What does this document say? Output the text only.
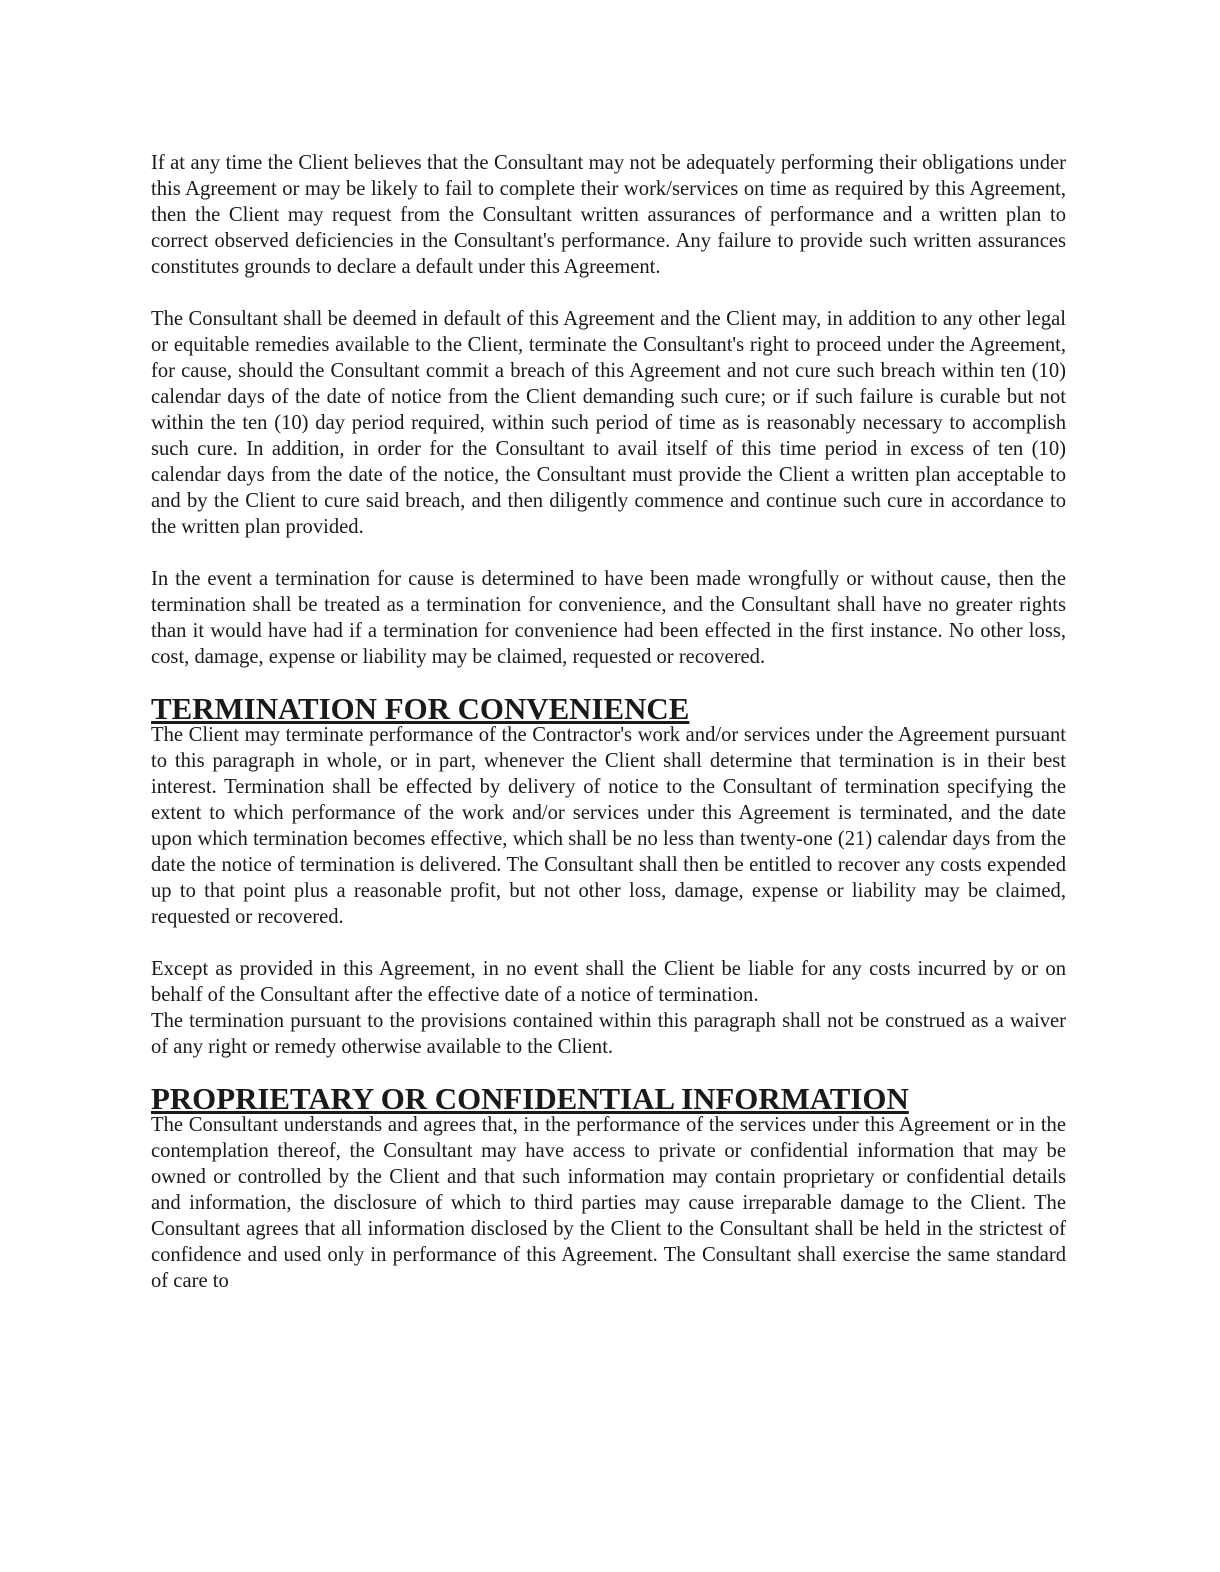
If at any time the Client believes that the Consultant may not be adequately performing their obligations under this Agreement or may be likely to fail to complete their work/services on time as required by this Agreement, then the Client may request from the Consultant written assurances of performance and a written plan to correct observed deficiencies in the Consultant's performance. Any failure to provide such written assurances constitutes grounds to declare a default under this Agreement.

The Consultant shall be deemed in default of this Agreement and the Client may, in addition to any other legal or equitable remedies available to the Client, terminate the Consultant's right to proceed under the Agreement, for cause, should the Consultant commit a breach of this Agreement and not cure such breach within ten (10) calendar days of the date of notice from the Client demanding such cure; or if such failure is curable but not within the ten (10) day period required, within such period of time as is reasonably necessary to accomplish such cure. In addition, in order for the Consultant to avail itself of this time period in excess of ten (10) calendar days from the date of the notice, the Consultant must provide the Client a written plan acceptable to and by the Client to cure said breach, and then diligently commence and continue such cure in accordance to the written plan provided.

In the event a termination for cause is determined to have been made wrongfully or without cause, then the termination shall be treated as a termination for convenience, and the Consultant shall have no greater rights than it would have had if a termination for convenience had been effected in the first instance. No other loss, cost, damage, expense or liability may be claimed, requested or recovered.

TERMINATION FOR CONVENIENCE

The Client may terminate performance of the Contractor's work and/or services under the Agreement pursuant to this paragraph in whole, or in part, whenever the Client shall determine that termination is in their best interest. Termination shall be effected by delivery of notice to the Consultant of termination specifying the extent to which performance of the work and/or services under this Agreement is terminated, and the date upon which termination becomes effective, which shall be no less than twenty-one (21) calendar days from the date the notice of termination is delivered. The Consultant shall then be entitled to recover any costs expended up to that point plus a reasonable profit, but not other loss, damage, expense or liability may be claimed, requested or recovered.

Except as provided in this Agreement, in no event shall the Client be liable for any costs incurred by or on behalf of the Consultant after the effective date of a notice of termination.

The termination pursuant to the provisions contained within this paragraph shall not be construed as a waiver of any right or remedy otherwise available to the Client.

PROPRIETARY OR CONFIDENTIAL INFORMATION

The Consultant understands and agrees that, in the performance of the services under this Agreement or in the contemplation thereof, the Consultant may have access to private or confidential information that may be owned or controlled by the Client and that such information may contain proprietary or confidential details and information, the disclosure of which to third parties may cause irreparable damage to the Client. The Consultant agrees that all information disclosed by the Client to the Consultant shall be held in the strictest of confidence and used only in performance of this Agreement. The Consultant shall exercise the same standard of care to
